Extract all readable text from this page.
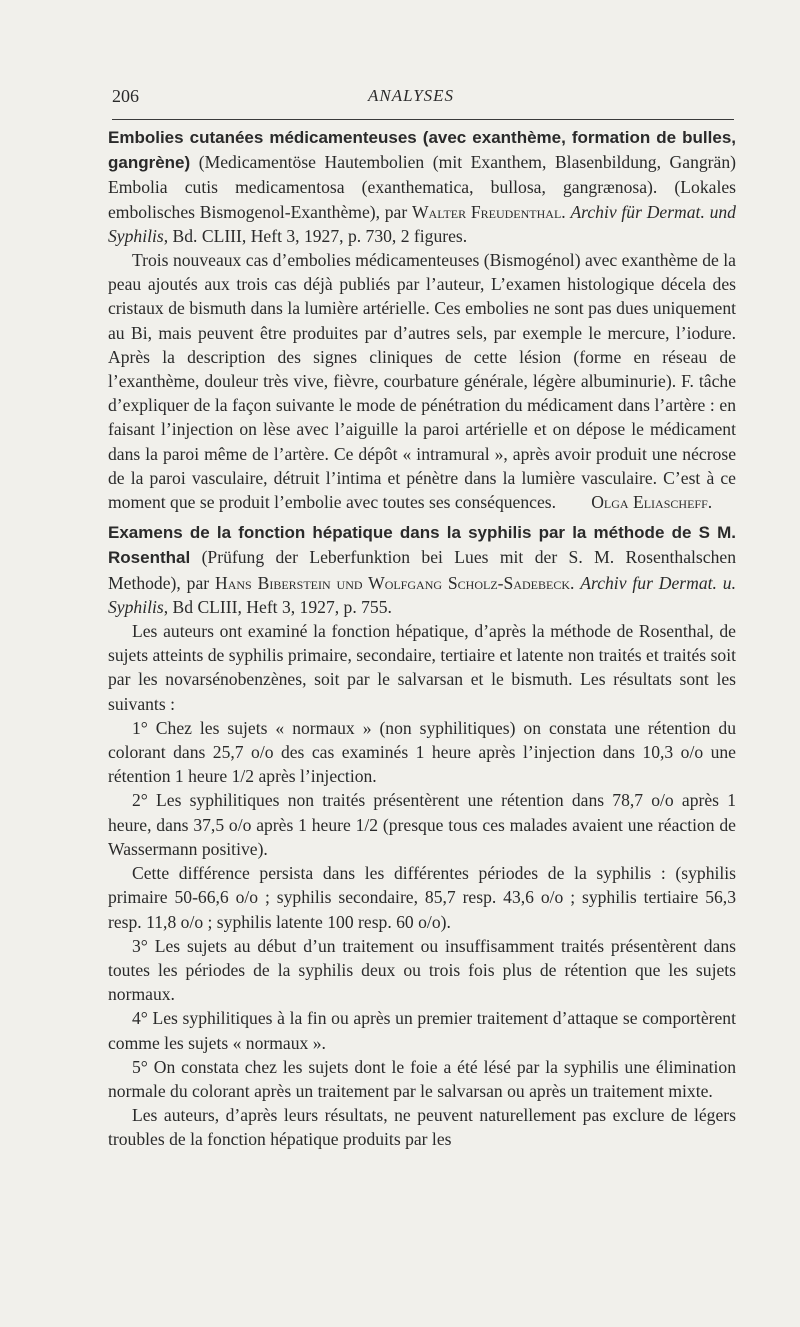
206	ANALYSES

Embolies cutanées médicamenteuses (avec exanthème, formation de bulles, gangrène) (Medicamentöse Hautembolien (mit Exanthem, Blasenbildung, Gangrän) Embolia cutis medicamentosa (exanthematica, bullosa, gangrænosa). (Lokales embolisches Bismogenol-Exanthème), par Walter Freudenthal. Archiv für Dermat. und Syphilis, Bd. CLIII, Heft 3, 1927, p. 730, 2 figures.

Trois nouveaux cas d’embolies médicamenteuses (Bismogénol) avec exanthème de la peau ajoutés aux trois cas déjà publiés par l’auteur, L’examen histologique décela des cristaux de bismuth dans la lumière artérielle. Ces embolies ne sont pas dues uniquement au Bi, mais peuvent être produites par d’autres sels, par exemple le mercure, l’iodure. Après la description des signes cliniques de cette lésion (forme en réseau de l’exanthème, douleur très vive, fièvre, courbature générale, légère albuminurie). F. tâche d’expliquer de la façon suivante le mode de pénétration du médicament dans l’artère : en faisant l’injection on lèse avec l’aiguille la paroi artérielle et on dépose le médicament dans la paroi même de l’artère. Ce dépôt « intramural », après avoir produit une nécrose de la paroi vasculaire, détruit l’intima et pénètre dans la lumière vasculaire. C’est à ce moment que se produit l’embolie avec toutes ses conséquences. Olga Eliascheff.

Examens de la fonction hépatique dans la syphilis par la méthode de S M. Rosenthal (Prüfung der Leberfunktion bei Lues mit der S. M. Rosenthalschen Methode), par Hans Biberstein und Wolfgang Scholz-Sadebeck. Archiv fur Dermat. u. Syphilis, Bd CLIII, Heft 3, 1927, p. 755.

Les auteurs ont examiné la fonction hépatique, d’après la méthode de Rosenthal, de sujets atteints de syphilis primaire, secondaire, tertiaire et latente non traités et traités soit par les novarsénobenzènes, soit par le salvarsan et le bismuth. Les résultats sont les suivants :

1° Chez les sujets « normaux » (non syphilitiques) on constata une rétention du colorant dans 25,7 o/o des cas examinés 1 heure après l’injection dans 10,3 o/o une rétention 1 heure 1/2 après l’injection.

2° Les syphilitiques non traités présentèrent une rétention dans 78,7 o/o après 1 heure, dans 37,5 o/o après 1 heure 1/2 (presque tous ces malades avaient une réaction de Wassermann positive).

Cette différence persista dans les différentes périodes de la syphilis : (syphilis primaire 50-66,6 o/o ; syphilis secondaire, 85,7 resp. 43,6 o/o ; syphilis tertiaire 56,3 resp. 11,8 o/o ; syphilis latente 100 resp. 60 o/o).

3° Les sujets au début d’un traitement ou insuffisamment traités présentèrent dans toutes les périodes de la syphilis deux ou trois fois plus de rétention que les sujets normaux.

4° Les syphilitiques à la fin ou après un premier traitement d’attaque se comportèrent comme les sujets « normaux ».

5° On constata chez les sujets dont le foie a été lésé par la syphilis une élimination normale du colorant après un traitement par le salvarsan ou après un traitement mixte.

Les auteurs, d’après leurs résultats, ne peuvent naturellement pas exclure de légers troubles de la fonction hépatique produits par les
